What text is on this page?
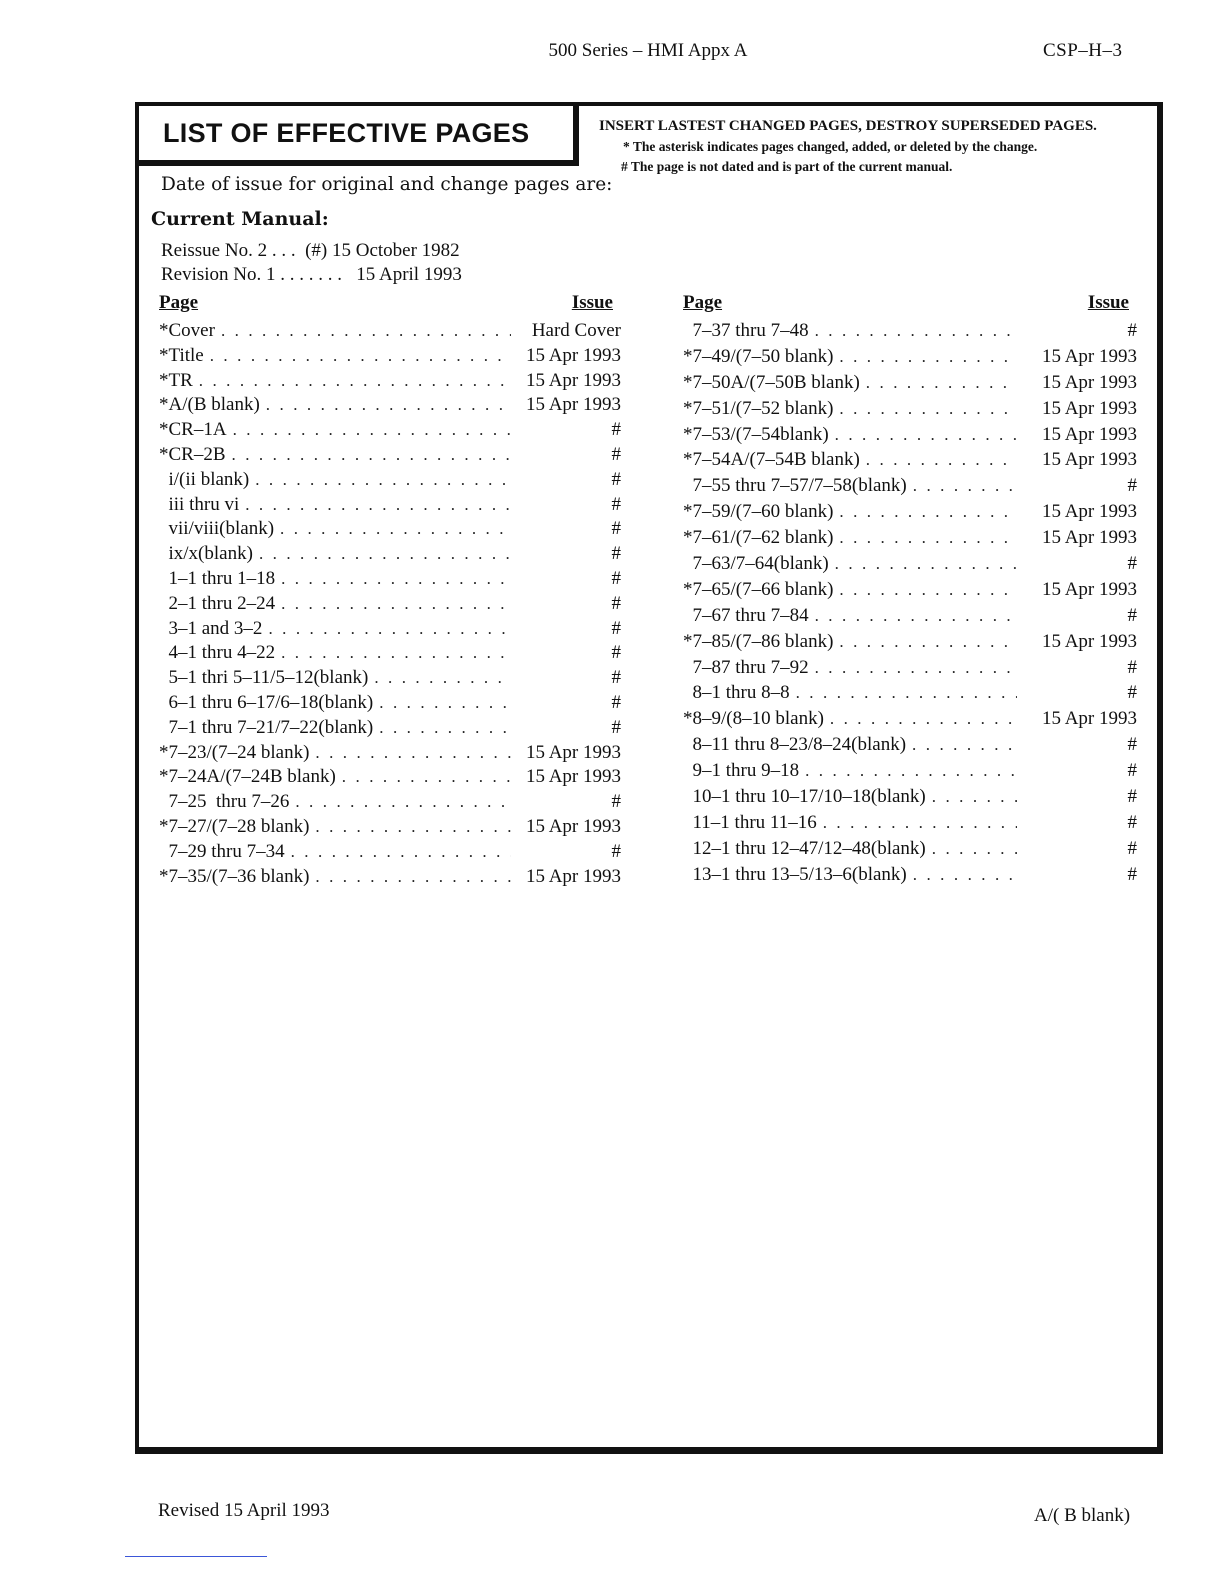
500 Series – HMI Appx A	CSP–H–3
LIST OF EFFECTIVE PAGES	INSERT LASTEST CHANGED PAGES, DESTROY SUPERSEDED PAGES.
* The asterisk indicates pages changed, added, or deleted by the change.
# The page is not dated and is part of the current manual.
Date of issue for original and change pages are:
Current Manual:
Reissue No. 2 . . .  (#) 15 October 1982
Revision No. 1 . . . . . . .   15 April 1993
Page	Issue
*Cover . . .	Hard Cover
*Title . . .	15 Apr 1993
*TR . . .	15 Apr 1993
*A/(B blank) . . .	15 Apr 1993
*CR–1A . . .	#
*CR–2B . . .	#
i/(ii blank) . . .	#
iii thru vi . . .	#
vii/viii(blank) . . .	#
ix/x(blank) . . .	#
1–1 thru 1–18 . . .	#
2–1 thru 2–24 . . .	#
3–1 and 3–2 . . .	#
4–1 thru 4–22 . . .	#
5–1 thri 5–11/5–12(blank) . . .	#
6–1 thru 6–17/6–18(blank) . . .	#
7–1 thru 7–21/7–22(blank) . . .	#
*7–23/(7–24 blank) . . .	15 Apr 1993
*7–24A/(7–24B blank) . . .	15 Apr 1993
7–25  thru 7–26 . . .	#
*7–27/(7–28 blank) . . .	15 Apr 1993
7–29 thru 7–34 . . .	#
*7–35/(7–36 blank) . . .	15 Apr 1993
Page	Issue
7–37 thru 7–48 . . .	#
*7–49/(7–50 blank) . . .	15 Apr 1993
*7–50A/(7–50B blank) . . .	15 Apr 1993
*7–51/(7–52 blank) . . .	15 Apr 1993
*7–53/(7–54blank) . . .	15 Apr 1993
*7–54A/(7–54B blank) . . .	15 Apr 1993
7–55 thru 7–57/7–58(blank) . . .	#
*7–59/(7–60 blank) . . .	15 Apr 1993
*7–61/(7–62 blank) . . .	15 Apr 1993
7–63/7–64(blank) . . .	#
*7–65/(7–66 blank) . . .	15 Apr 1993
7–67 thru 7–84 . . .	#
*7–85/(7–86 blank) . . .	15 Apr 1993
7–87 thru 7–92 . . .	#
8–1 thru 8–8 . . .	#
*8–9/(8–10 blank) . . .	15 Apr 1993
8–11 thru 8–23/8–24(blank) . . .	#
9–1 thru 9–18 . . .	#
10–1 thru 10–17/10–18(blank) . . .	#
11–1 thru 11–16 . . .	#
12–1 thru 12–47/12–48(blank) . . .	#
13–1 thru 13–5/13–6(blank) . . .	#
Revised 15 April 1993	A/( B blank)
